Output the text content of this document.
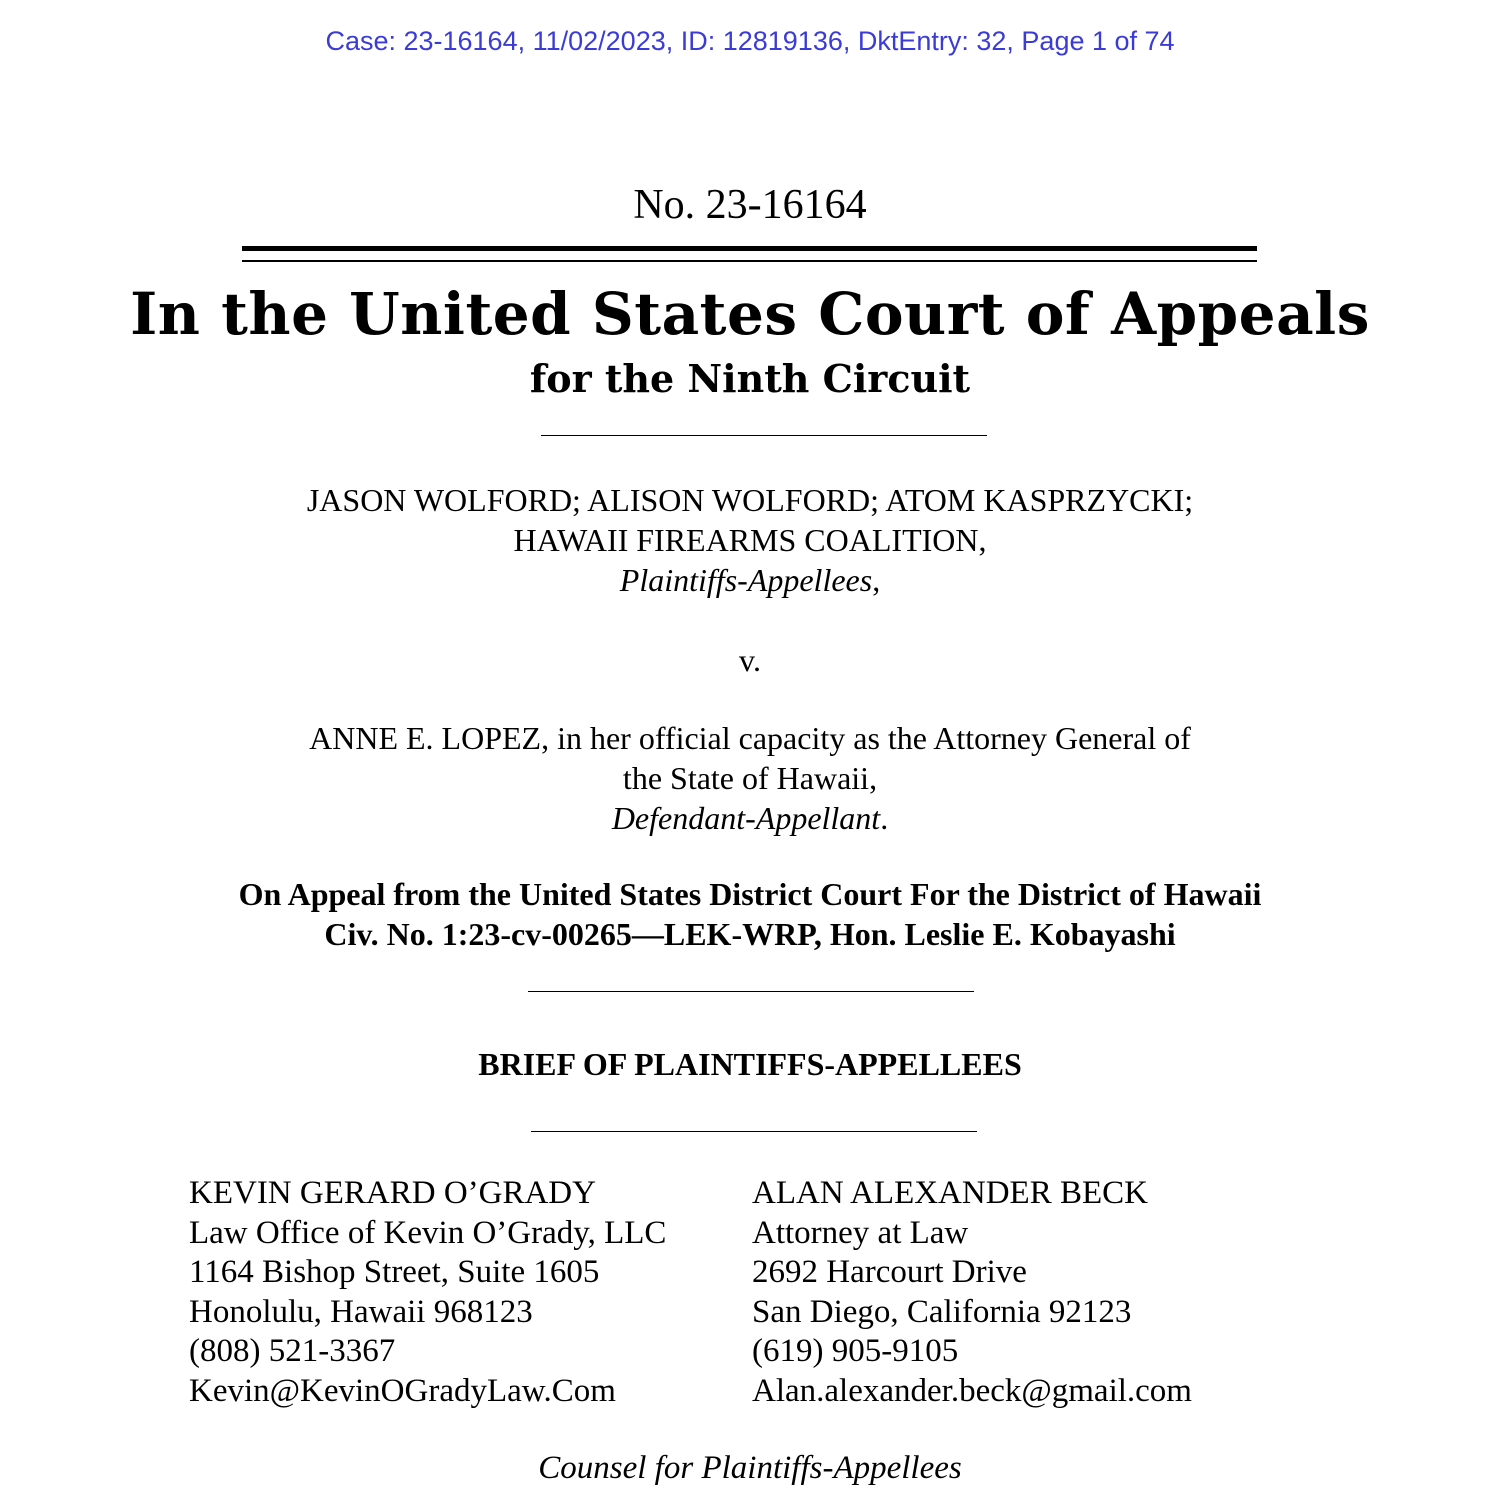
Case: 23-16164, 11/02/2023, ID: 12819136, DktEntry: 32, Page 1 of 74
No. 23-16164
In the United States Court of Appeals
for the Ninth Circuit
JASON WOLFORD; ALISON WOLFORD; ATOM KASPRZYCKI;
HAWAII FIREARMS COALITION,
Plaintiffs-Appellees,
v.
ANNE E. LOPEZ, in her official capacity as the Attorney General of
the State of Hawaii,
Defendant-Appellant.
On Appeal from the United States District Court For the District of Hawaii
Civ. No. 1:23-cv-00265—LEK-WRP, Hon. Leslie E. Kobayashi
BRIEF OF PLAINTIFFS-APPELLEES
KEVIN GERARD O’GRADY
Law Office of Kevin O’Grady, LLC
1164 Bishop Street, Suite 1605
Honolulu, Hawaii 968123
(808) 521-3367
Kevin@KevinOGradyLaw.Com
ALAN ALEXANDER BECK
Attorney at Law
2692 Harcourt Drive
San Diego, California 92123
(619) 905-9105
Alan.alexander.beck@gmail.com
Counsel for Plaintiffs-Appellees
